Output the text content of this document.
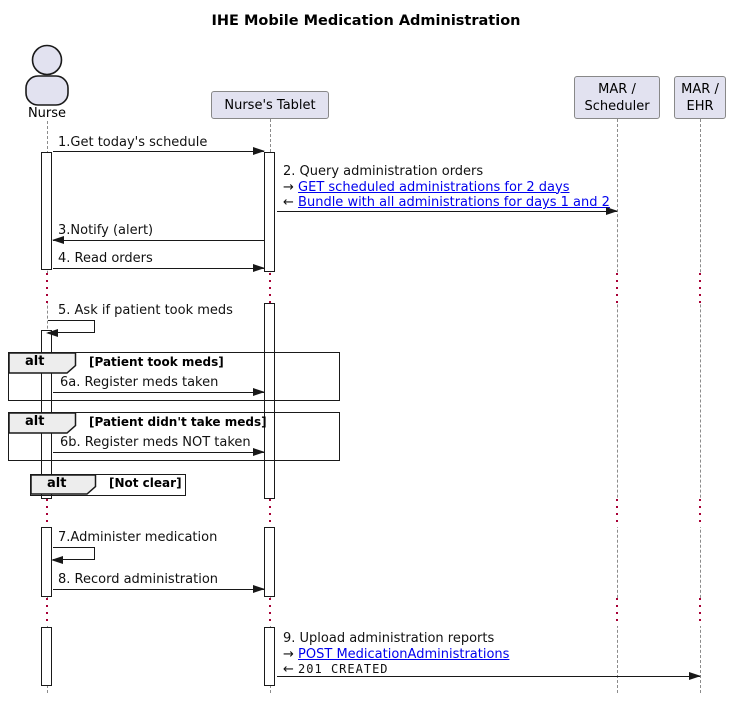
IHE Mobile Medication Administration
Nurse
Nurse's Tablet
MAR /
Scheduler
MAR /
EHR
alt	[Patient took meds]
alt	[Patient didn't take meds]
alt	[Not clear]
1.Get today's schedule
2. Query administration orders
→ GET scheduled administrations for 2 days
← Bundle with all administrations for days 1 and 2
3.Notify (alert)
4. Read orders
5. Ask if patient took meds
6a. Register meds taken
6b. Register meds NOT taken
7.Administer medication
8. Record administration
9. Upload administration reports
→ POST MedicationAdministrations
← 201 CREATED
